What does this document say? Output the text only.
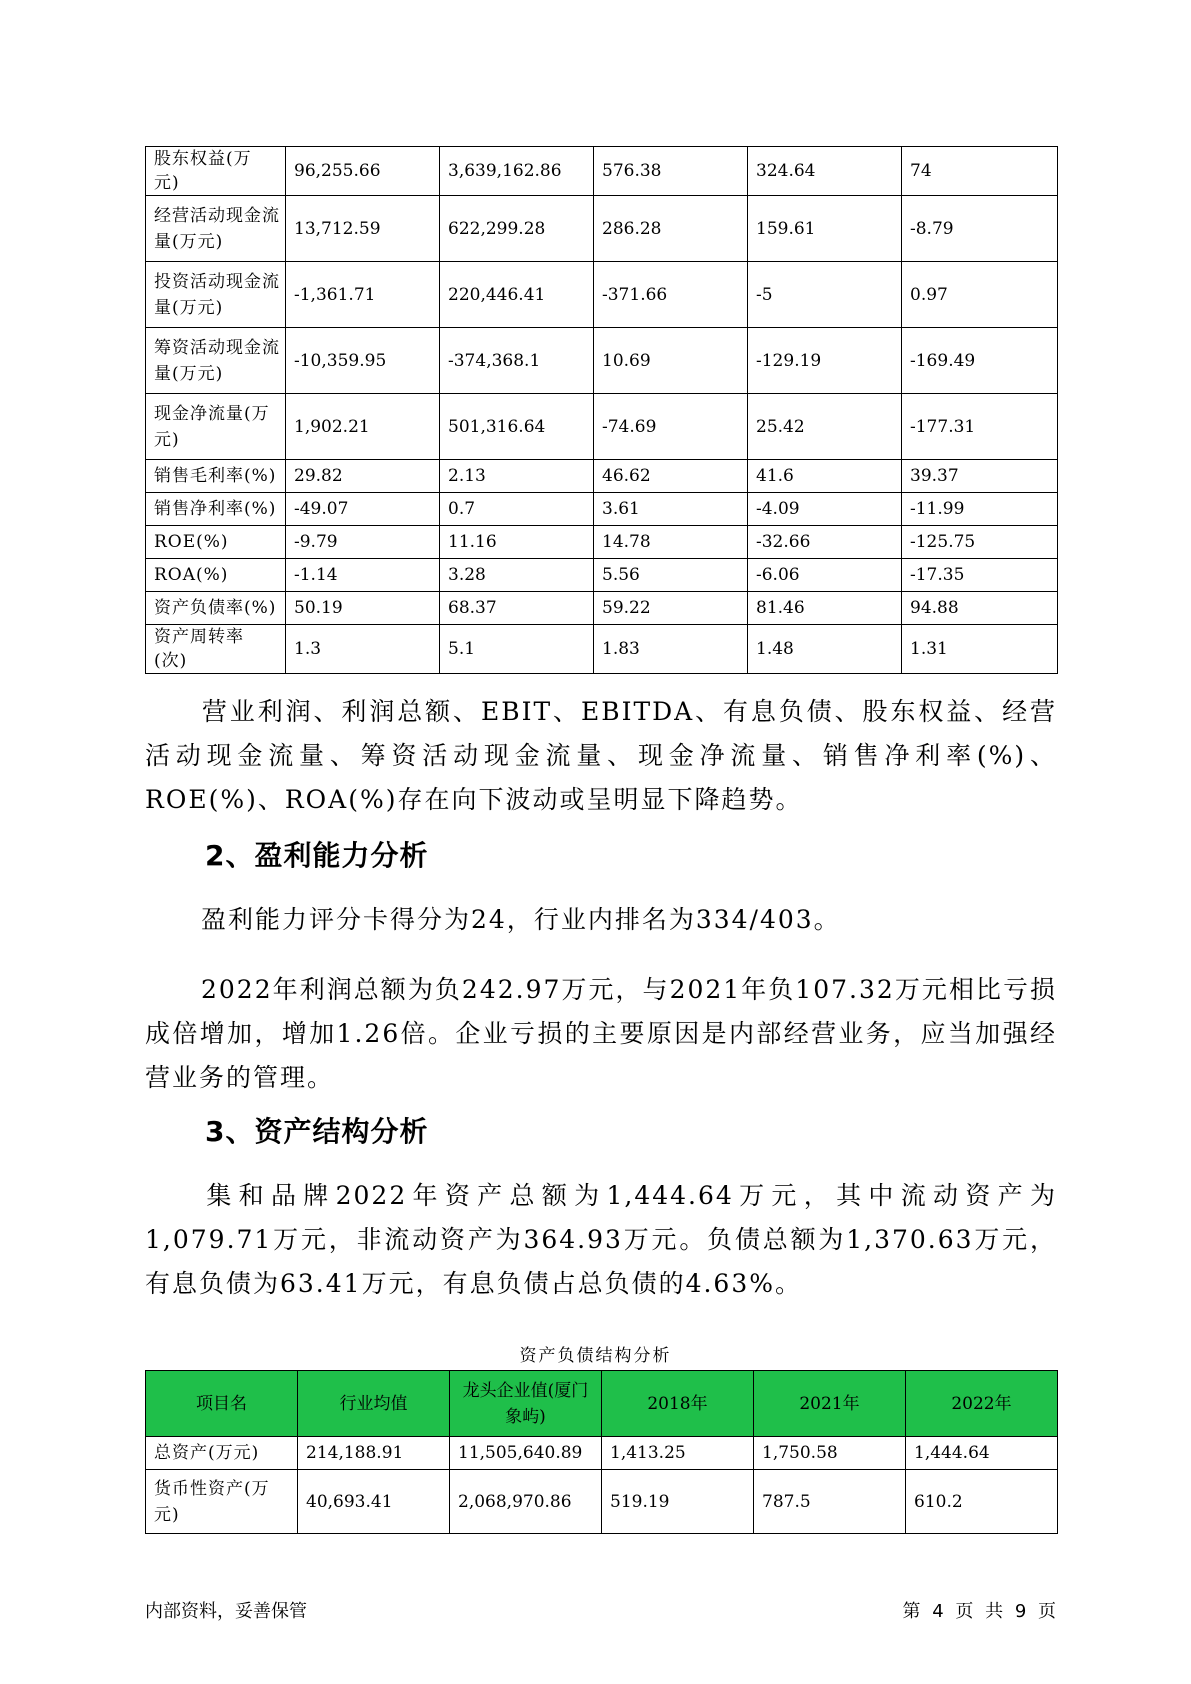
股东权益(万元)	96,255.66	3,639,162.86	576.38	324.64	74
经营活动现金流量(万元)	13,712.59	622,299.28	286.28	159.61	-8.79
投资活动现金流量(万元)	-1,361.71	220,446.41	-371.66	-5	0.97
筹资活动现金流量(万元)	-10,359.95	-374,368.1	10.69	-129.19	-169.49
现金净流量(万元)	1,902.21	501,316.64	-74.69	25.42	-177.31
销售毛利率(%)	29.82	2.13	46.62	41.6	39.37
销售净利率(%)	-49.07	0.7	3.61	-4.09	-11.99
ROE(%)	-9.79	11.16	14.78	-32.66	-125.75
ROA(%)	-1.14	3.28	5.56	-6.06	-17.35
资产负债率(%)	50.19	68.37	59.22	81.46	94.88
资产周转率(次)	1.3	5.1	1.83	1.48	1.31

营业利润、利润总额、EBIT、EBITDA、有息负债、股东权益、经营活动现金流量、筹资活动现金流量、现金净流量、销售净利率(%)、ROE(%)、ROA(%)存在向下波动或呈明显下降趋势。

2、盈利能力分析

盈利能力评分卡得分为24，行业内排名为334/403。

2022年利润总额为负242.97万元，与2021年负107.32万元相比亏损成倍增加，增加1.26倍。企业亏损的主要原因是内部经营业务，应当加强经营业务的管理。

3、资产结构分析

集和品牌2022年资产总额为1,444.64万元，其中流动资产为1,079.71万元，非流动资产为364.93万元。负债总额为1,370.63万元，有息负债为63.41万元，有息负债占总负债的4.63%。

资产负债结构分析
项目名	行业均值	龙头企业值(厦门象屿)	2018年	2021年	2022年
总资产(万元)	214,188.91	11,505,640.89	1,413.25	1,750.58	1,444.64
货币性资产(万元)	40,693.41	2,068,970.86	519.19	787.5	610.2
内部资料，妥善保管	第 4 页 共 9 页
